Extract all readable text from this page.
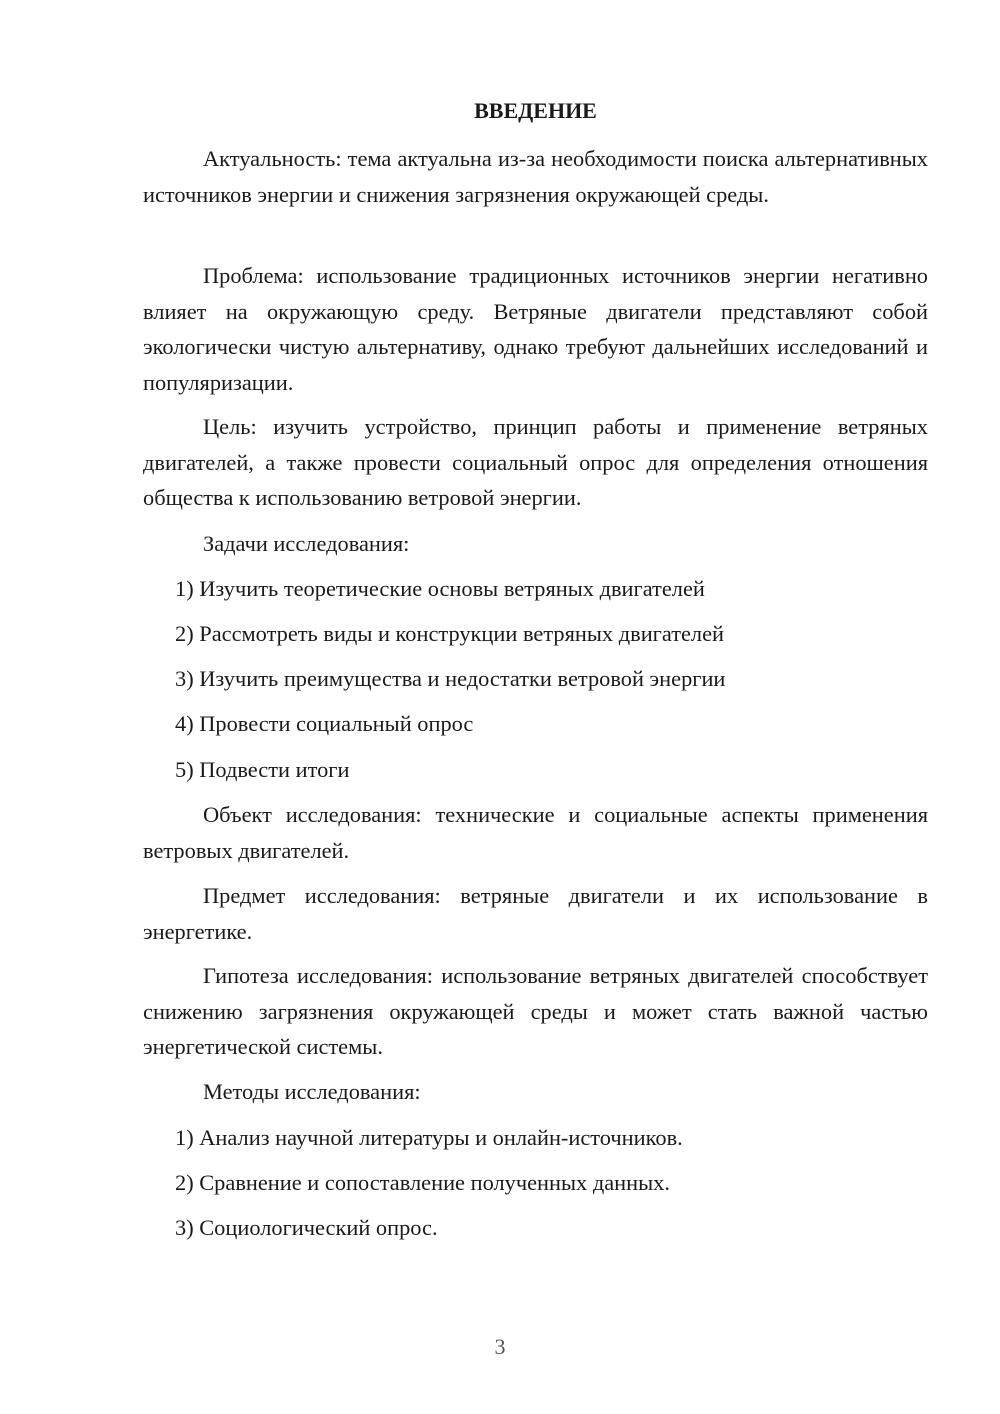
ВВЕДЕНИЕ

Актуальность: тема актуальна из-за необходимости поиска альтернативных источников энергии и снижения загрязнения окружающей среды.

Проблема: использование традиционных источников энергии негативно влияет на окружающую среду. Ветряные двигатели представляют собой экологически чистую альтернативу, однако требуют дальнейших исследований и популяризации.

Цель: изучить устройство, принцип работы и применение ветряных двигателей, а также провести социальный опрос для определения отношения общества к использованию ветровой энергии.

Задачи исследования:

1) Изучить теоретические основы ветряных двигателей

2) Рассмотреть виды и конструкции ветряных двигателей

3) Изучить преимущества и недостатки ветровой энергии

4) Провести социальный опрос

5) Подвести итоги

Объект исследования: технические и социальные аспекты применения ветровых двигателей.

Предмет исследования: ветряные двигатели и их использование в энергетике.

Гипотеза исследования: использование ветряных двигателей способствует снижению загрязнения окружающей среды и может стать важной частью энергетической системы.

Методы исследования:

1) Анализ научной литературы и онлайн-источников.

2) Сравнение и сопоставление полученных данных.

3) Социологический опрос.

3
